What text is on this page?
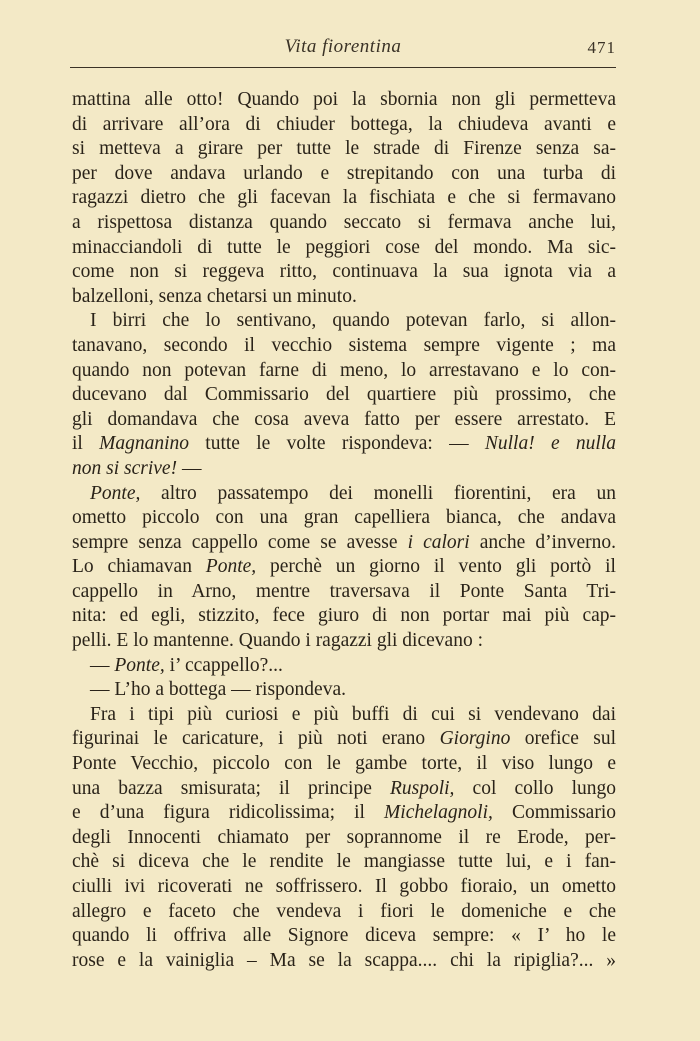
Vita fiorentina	471
mattina alle otto! Quando poi la sbornia non gli permetteva
di arrivare all’ora di chiuder bottega, la chiudeva avanti e
si metteva a girare per tutte le strade di Firenze senza sa-
per dove andava urlando e strepitando con una turba di
ragazzi dietro che gli facevan la fischiata e che si fermavano
a rispettosa distanza quando seccato si fermava anche lui,
minacciandoli di tutte le peggiori cose del mondo. Ma sic-
come non si reggeva ritto, continuava la sua ignota via a
balzelloni, senza chetarsi un minuto.
I birri che lo sentivano, quando potevan farlo, si allon-
tanavano, secondo il vecchio sistema sempre vigente ; ma
quando non potevan farne di meno, lo arrestavano e lo con-
ducevano dal Commissario del quartiere più prossimo, che
gli domandava che cosa aveva fatto per essere arrestato. E
il Magnanino tutte le volte rispondeva: — Nulla! e nulla
non si scrive! —
Ponte, altro passatempo dei monelli fiorentini, era un
ometto piccolo con una gran capelliera bianca, che andava
sempre senza cappello come se avesse i calori anche d’inverno.
Lo chiamavan Ponte, perchè un giorno il vento gli portò il
cappello in Arno, mentre traversava il Ponte Santa Tri-
nita: ed egli, stizzito, fece giuro di non portar mai più cap-
pelli. E lo mantenne. Quando i ragazzi gli dicevano :
— Ponte, i’ ccappello?...
— L’ho a bottega — rispondeva.
Fra i tipi più curiosi e più buffi di cui si vendevano dai
figurinai le caricature, i più noti erano Giorgino orefice sul
Ponte Vecchio, piccolo con le gambe torte, il viso lungo e
una bazza smisurata; il principe Ruspoli, col collo lungo
e d’una figura ridicolissima; il Michelagnoli, Commissario
degli Innocenti chiamato per soprannome il re Erode, per-
chè si diceva che le rendite le mangiasse tutte lui, e i fan-
ciulli ivi ricoverati ne soffrissero. Il gobbo fioraio, un ometto
allegro e faceto che vendeva i fiori le domeniche e che
quando li offriva alle Signore diceva sempre: « I’ ho le
rose e la vainiglia – Ma se la scappa.... chi la ripiglia?... »
